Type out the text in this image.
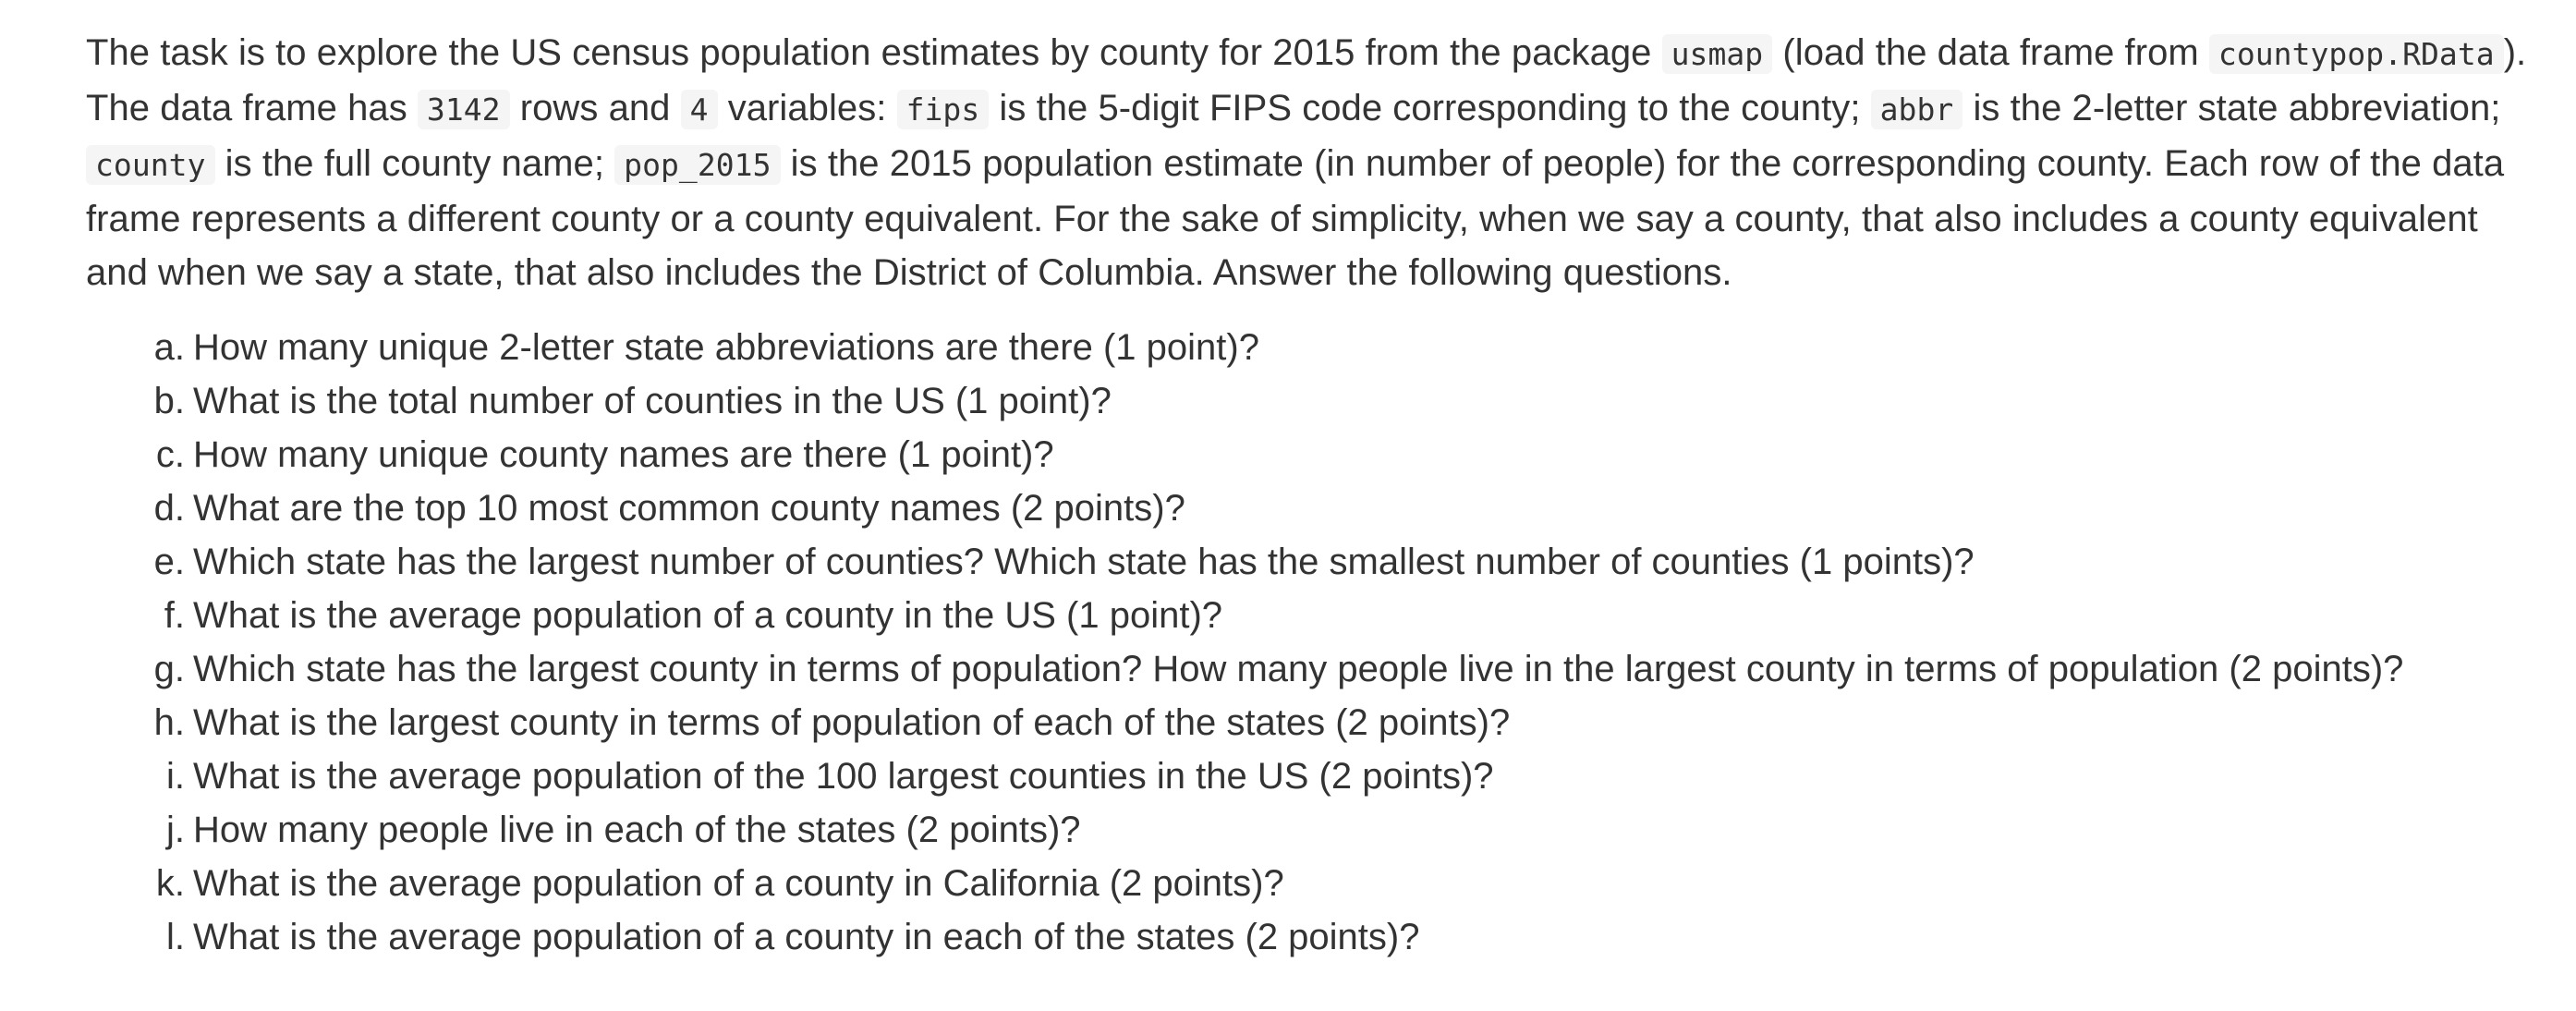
The task is to explore the US census population estimates by county for 2015 from the package usmap (load the data frame from countypop.RData ). The data frame has 3142 rows and 4 variables: fips is the 5-digit FIPS code corresponding to the county; abbr is the 2-letter state abbreviation; county is the full county name; pop_2015 is the 2015 population estimate (in number of people) for the corresponding county. Each row of the data frame represents a different county or a county equivalent. For the sake of simplicity, when we say a county, that also includes a county equivalent and when we say a state, that also includes the District of Columbia. Answer the following questions.

a. How many unique 2-letter state abbreviations are there (1 point)?
b. What is the total number of counties in the US (1 point)?
c. How many unique county names are there (1 point)?
d. What are the top 10 most common county names (2 points)?
e. Which state has the largest number of counties? Which state has the smallest number of counties (1 points)?
f. What is the average population of a county in the US (1 point)?
g. Which state has the largest county in terms of population? How many people live in the largest county in terms of population (2 points)?
h. What is the largest county in terms of population of each of the states (2 points)?
i. What is the average population of the 100 largest counties in the US (2 points)?
j. How many people live in each of the states (2 points)?
k. What is the average population of a county in California (2 points)?
l. What is the average population of a county in each of the states (2 points)?
